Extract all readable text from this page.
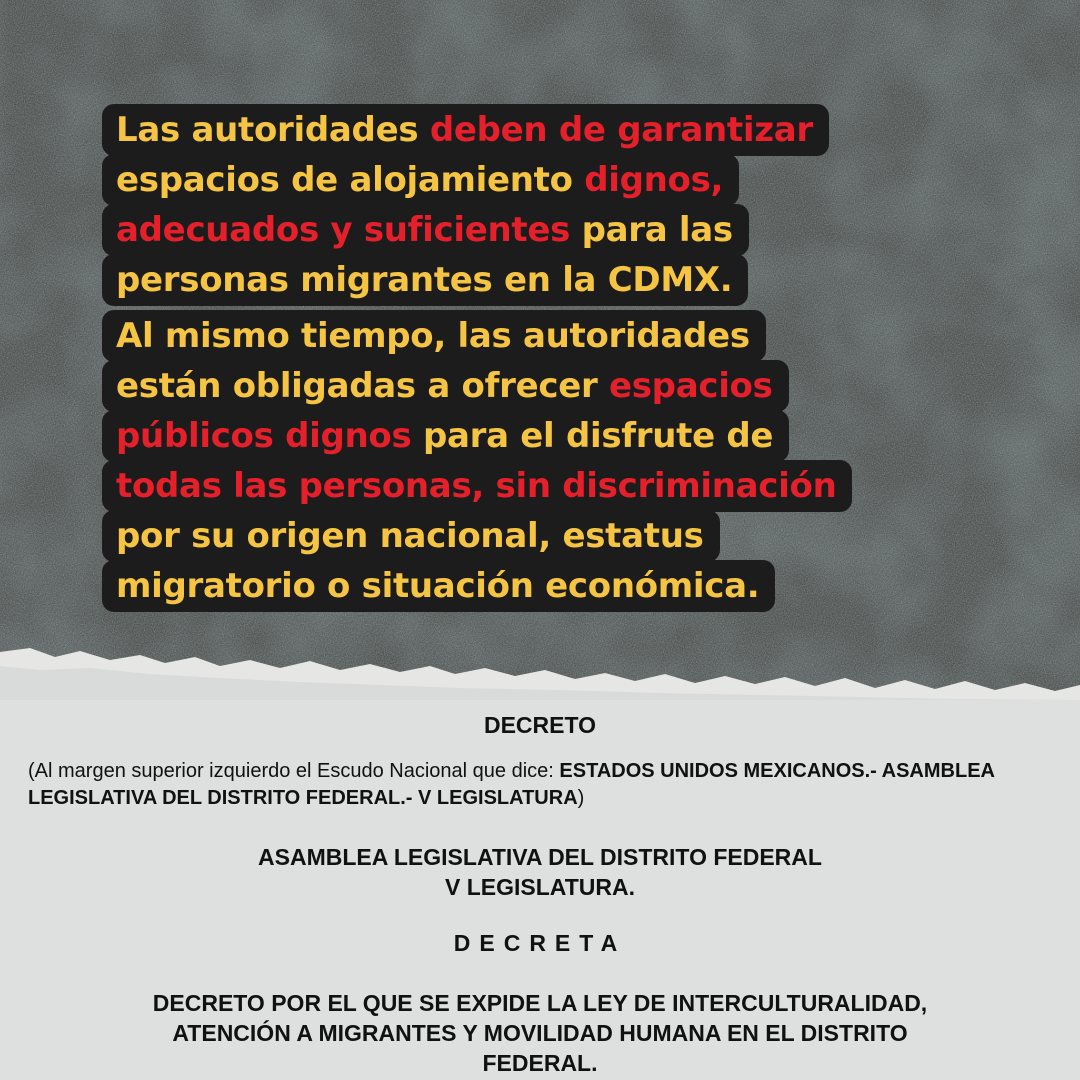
Las autoridades deben de garantizar
espacios de alojamiento dignos,
adecuados y suficientes para las
personas migrantes en la CDMX.
Al mismo tiempo, las autoridades
están obligadas a ofrecer espacios
públicos dignos para el disfrute de
todas las personas, sin discriminación
por su origen nacional, estatus
migratorio o situación económica.
DECRETO
(Al margen superior izquierdo el Escudo Nacional que dice: ESTADOS UNIDOS MEXICANOS.- ASAMBLEA LEGISLATIVA DEL DISTRITO FEDERAL.- V LEGISLATURA)
ASAMBLEA LEGISLATIVA DEL DISTRITO FEDERAL
V LEGISLATURA.
DECRETA
DECRETO POR EL QUE SE EXPIDE LA LEY DE INTERCULTURALIDAD,
ATENCIÓN A MIGRANTES Y MOVILIDAD HUMANA EN EL DISTRITO
FEDERAL.
